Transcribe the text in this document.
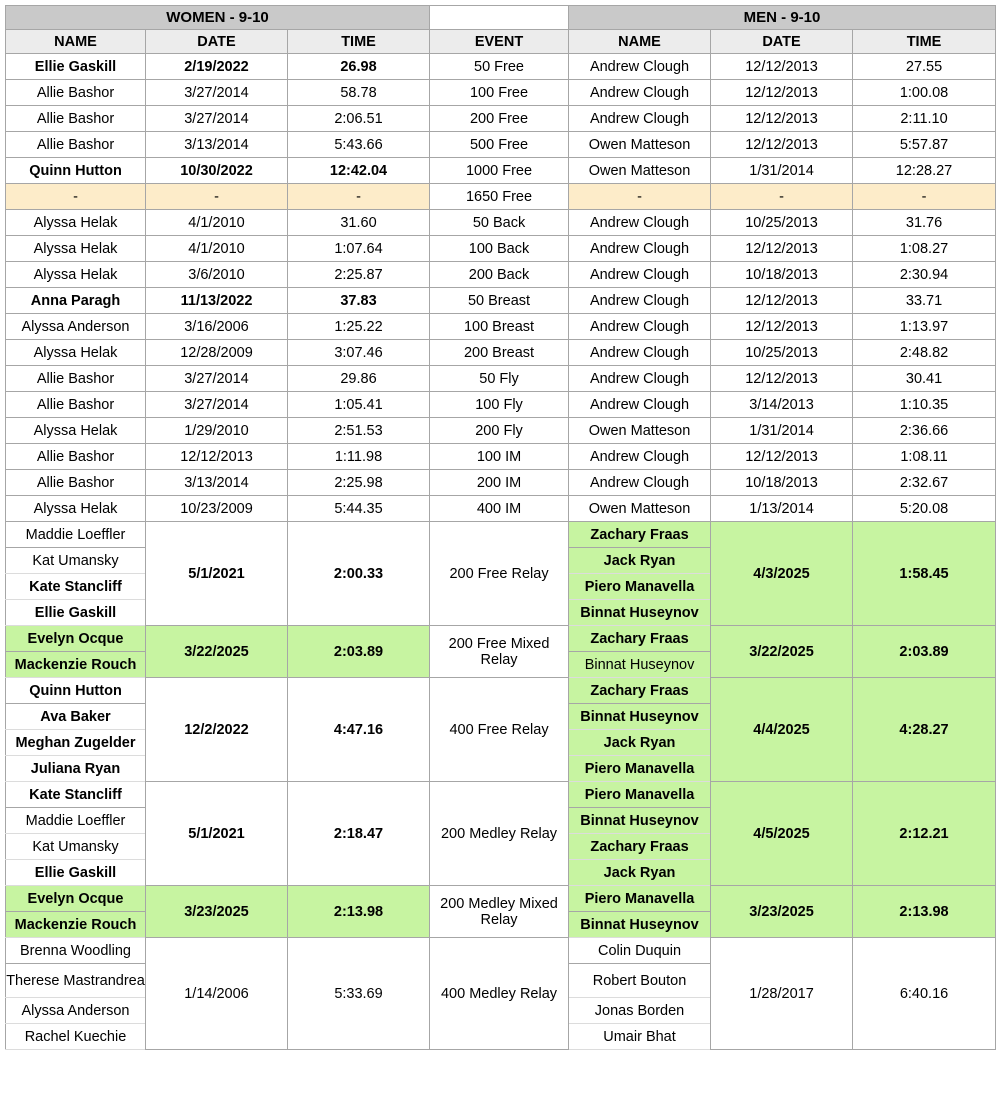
WOMEN - 9-10				MEN - 9-10		
NAME	DATE	TIME	EVENT	NAME	DATE	TIME
Ellie Gaskill	2/19/2022	26.98	50 Free	Andrew Clough	12/12/2013	27.55
Allie Bashor	3/27/2014	58.78	100 Free	Andrew Clough	12/12/2013	1:00.08
Allie Bashor	3/27/2014	2:06.51	200 Free	Andrew Clough	12/12/2013	2:11.10
Allie Bashor	3/13/2014	5:43.66	500 Free	Owen Matteson	12/12/2013	5:57.87
Quinn Hutton	10/30/2022	12:42.04	1000 Free	Owen Matteson	1/31/2014	12:28.27
-	-	-	1650 Free	-	-	-
Alyssa Helak	4/1/2010	31.60	50 Back	Andrew Clough	10/25/2013	31.76
Alyssa Helak	4/1/2010	1:07.64	100 Back	Andrew Clough	12/12/2013	1:08.27
Alyssa Helak	3/6/2010	2:25.87	200 Back	Andrew Clough	10/18/2013	2:30.94
Anna Paragh	11/13/2022	37.83	50 Breast	Andrew Clough	12/12/2013	33.71
Alyssa Anderson	3/16/2006	1:25.22	100 Breast	Andrew Clough	12/12/2013	1:13.97
Alyssa Helak	12/28/2009	3:07.46	200 Breast	Andrew Clough	10/25/2013	2:48.82
Allie Bashor	3/27/2014	29.86	50 Fly	Andrew Clough	12/12/2013	30.41
Allie Bashor	3/27/2014	1:05.41	100 Fly	Andrew Clough	3/14/2013	1:10.35
Alyssa Helak	1/29/2010	2:51.53	200 Fly	Owen Matteson	1/31/2014	2:36.66
Allie Bashor	12/12/2013	1:11.98	100 IM	Andrew Clough	12/12/2013	1:08.11
Allie Bashor	3/13/2014	2:25.98	200 IM	Andrew Clough	10/18/2013	2:32.67
Alyssa Helak	10/23/2009	5:44.35	400 IM	Owen Matteson	1/13/2014	5:20.08
Maddie Loeffler	5/1/2021	2:00.33	200 Free Relay	Zachary Fraas	4/3/2025	1:58.45
Kat Umansky				Jack Ryan		
Kate Stancliff				Piero Manavella		
Ellie Gaskill				Binnat Huseynov		
Evelyn Ocque	3/22/2025	2:03.89	200 Free Mixed Relay	Zachary Fraas	3/22/2025	2:03.89
Mackenzie Rouch				Binnat Huseynov		
Quinn Hutton	12/2/2022	4:47.16	400 Free Relay	Zachary Fraas	4/4/2025	4:28.27
Ava Baker				Binnat Huseynov		
Meghan Zugelder				Jack Ryan		
Juliana Ryan				Piero Manavella		
Kate Stancliff	5/1/2021	2:18.47	200 Medley Relay	Piero Manavella	4/5/2025	2:12.21
Maddie Loeffler				Binnat Huseynov		
Kat Umansky				Zachary Fraas		
Ellie Gaskill				Jack Ryan		
Evelyn Ocque	3/23/2025	2:13.98	200 Medley Mixed Relay	Piero Manavella	3/23/2025	2:13.98
Mackenzie Rouch				Binnat Huseynov		
Brenna Woodling	1/14/2006	5:33.69	400 Medley Relay	Colin Duquin	1/28/2017	6:40.16
Therese Mastrandrea				Robert Bouton		
Alyssa Anderson				Jonas Borden		
Rachel Kuechie				Umair Bhat		
